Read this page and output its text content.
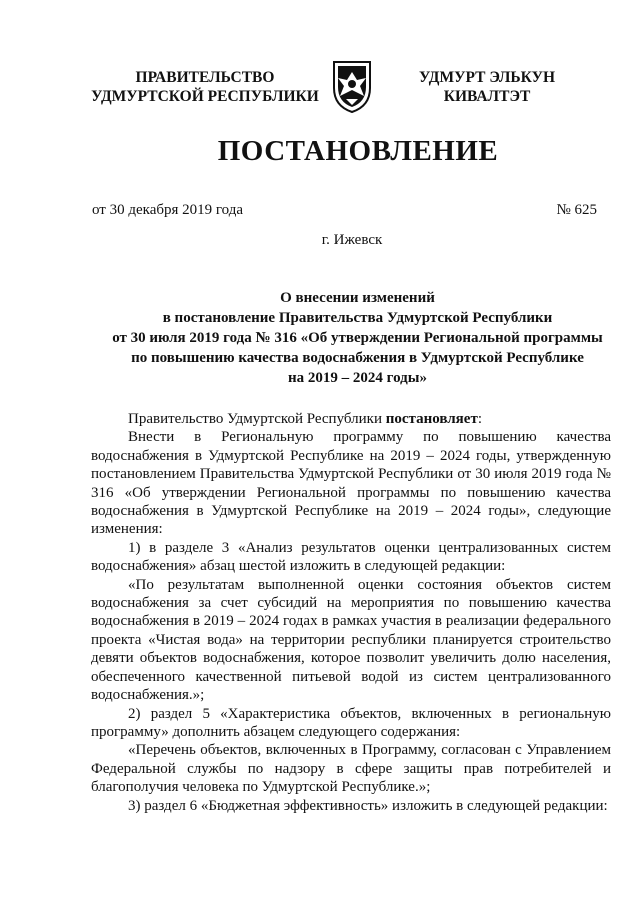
ПРАВИТЕЛЬСТВО
УДМУРТСКОЙ РЕСПУБЛИКИ
УДМУРТ ЭЛЬКУН
КИВАЛТЭТ
ПОСТАНОВЛЕНИЕ
от 30 декабря 2019 года	№ 625
г. Ижевск
О внесении изменений
в постановление Правительства Удмуртской Республики
от 30 июля 2019 года № 316 «Об утверждении Региональной программы
по повышению качества водоснабжения в Удмуртской Республике
на 2019 – 2024 годы»

Правительство Удмуртской Республики постановляет:

Внести в Региональную программу по повышению качества водоснабжения в Удмуртской Республике на 2019 – 2024 годы, утвержденную постановлением Правительства Удмуртской Республики от 30 июля 2019 года № 316 «Об утверждении Региональной программы по повышению качества водоснабжения в Удмуртской Республике на 2019 – 2024 годы», следующие изменения:

1) в разделе 3 «Анализ результатов оценки централизованных систем водоснабжения» абзац шестой изложить в следующей редакции:

«По результатам выполненной оценки состояния объектов систем водоснабжения за счет субсидий на мероприятия по повышению качества водоснабжения в 2019 – 2024 годах в рамках участия в реализации федерального проекта «Чистая вода» на территории республики планируется строительство девяти объектов водоснабжения, которое позволит увеличить долю населения, обеспеченного качественной питьевой водой из систем централизованного водоснабжения.»;

2) раздел 5 «Характеристика объектов, включенных в региональную программу» дополнить абзацем следующего содержания:

«Перечень объектов, включенных в Программу, согласован с Управлением Федеральной службы по надзору в сфере защиты прав потребителей и благополучия человека по Удмуртской Республике.»;

3) раздел 6 «Бюджетная эффективность» изложить в следующей редакции:
